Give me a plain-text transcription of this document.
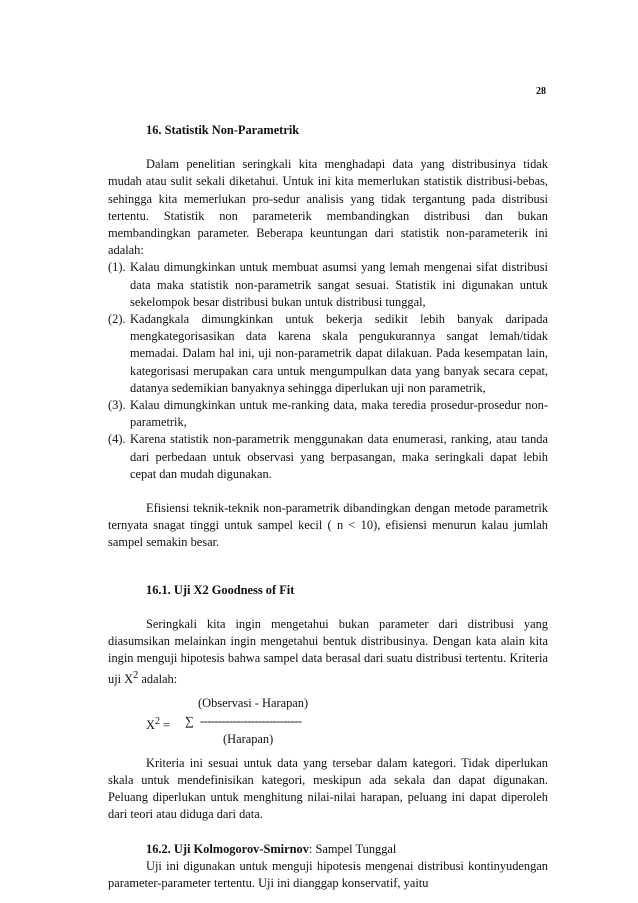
28

16. Statistik Non-Parametrik

Dalam penelitian seringkali kita menghadapi data yang distribusinya tidak mudah atau sulit sekali diketahui. Untuk ini kita memerlukan statistik distribusi-bebas, sehingga kita memerlukan pro-sedur analisis yang tidak tergantung pada distribusi tertentu. Statistik non parameterik membandingkan distribusi dan bukan membandingkan parameter. Beberapa keuntungan dari statistik non-parameterik ini adalah:

(1). Kalau dimungkinkan untuk membuat asumsi yang lemah mengenai sifat distribusi data maka statistik non-parametrik sangat sesuai. Statistik ini digunakan untuk sekelompok besar distribusi bukan untuk distribusi tunggal,
(2). Kadangkala dimungkinkan untuk bekerja sedikit lebih banyak daripada mengkategorisasikan data karena skala pengukurannya sangat lemah/tidak memadai. Dalam hal ini, uji non-parametrik dapat dilakuan. Pada kesempatan lain, kategorisasi merupakan cara untuk mengumpulkan data yang banyak secara cepat, datanya sedemikian banyaknya sehingga diperlukan uji non parametrik,
(3). Kalau dimungkinkan untuk me-ranking data, maka teredia prosedur-prosedur non-parametrik,
(4). Karena statistik non-parametrik menggunakan data enumerasi, ranking, atau tanda dari perbedaan untuk observasi yang berpasangan, maka seringkali dapat lebih cepat dan mudah digunakan.

Efisiensi teknik-teknik non-parametrik dibandingkan dengan metode parametrik ternyata snagat tinggi untuk sampel kecil ( n < 10), efisiensi menurun kalau jumlah sampel semakin besar.

16.1. Uji X2 Goodness of Fit

Seringkali kita ingin mengetahui bukan parameter dari distribusi yang diasumsikan melainkan ingin mengetahui bentuk distribusinya. Dengan kata alain kita ingin menguji hipotesis bahwa sampel data berasal dari suatu distribusi tertentu. Kriteria uji $X^2$ adalah:

(Observasi - Harapan)
$X^2$ = ∑ ----------------------------
(Harapan)

Kriteria ini sesuai untuk data yang tersebar dalam kategori. Tidak diperlukan skala untuk mendefinisikan kategori, meskipun ada sekala dan dapat digunakan. Peluang diperlukan untuk menghitung nilai-nilai harapan, peluang ini dapat diperoleh dari teori atau diduga dari data.

16.2. Uji Kolmogorov-Smirnov: Sampel Tunggal

Uji ini digunakan untuk menguji hipotesis mengenai distribusi kontinyudengan parameter-parameter tertentu. Uji ini dianggap konservatif, yaitu
